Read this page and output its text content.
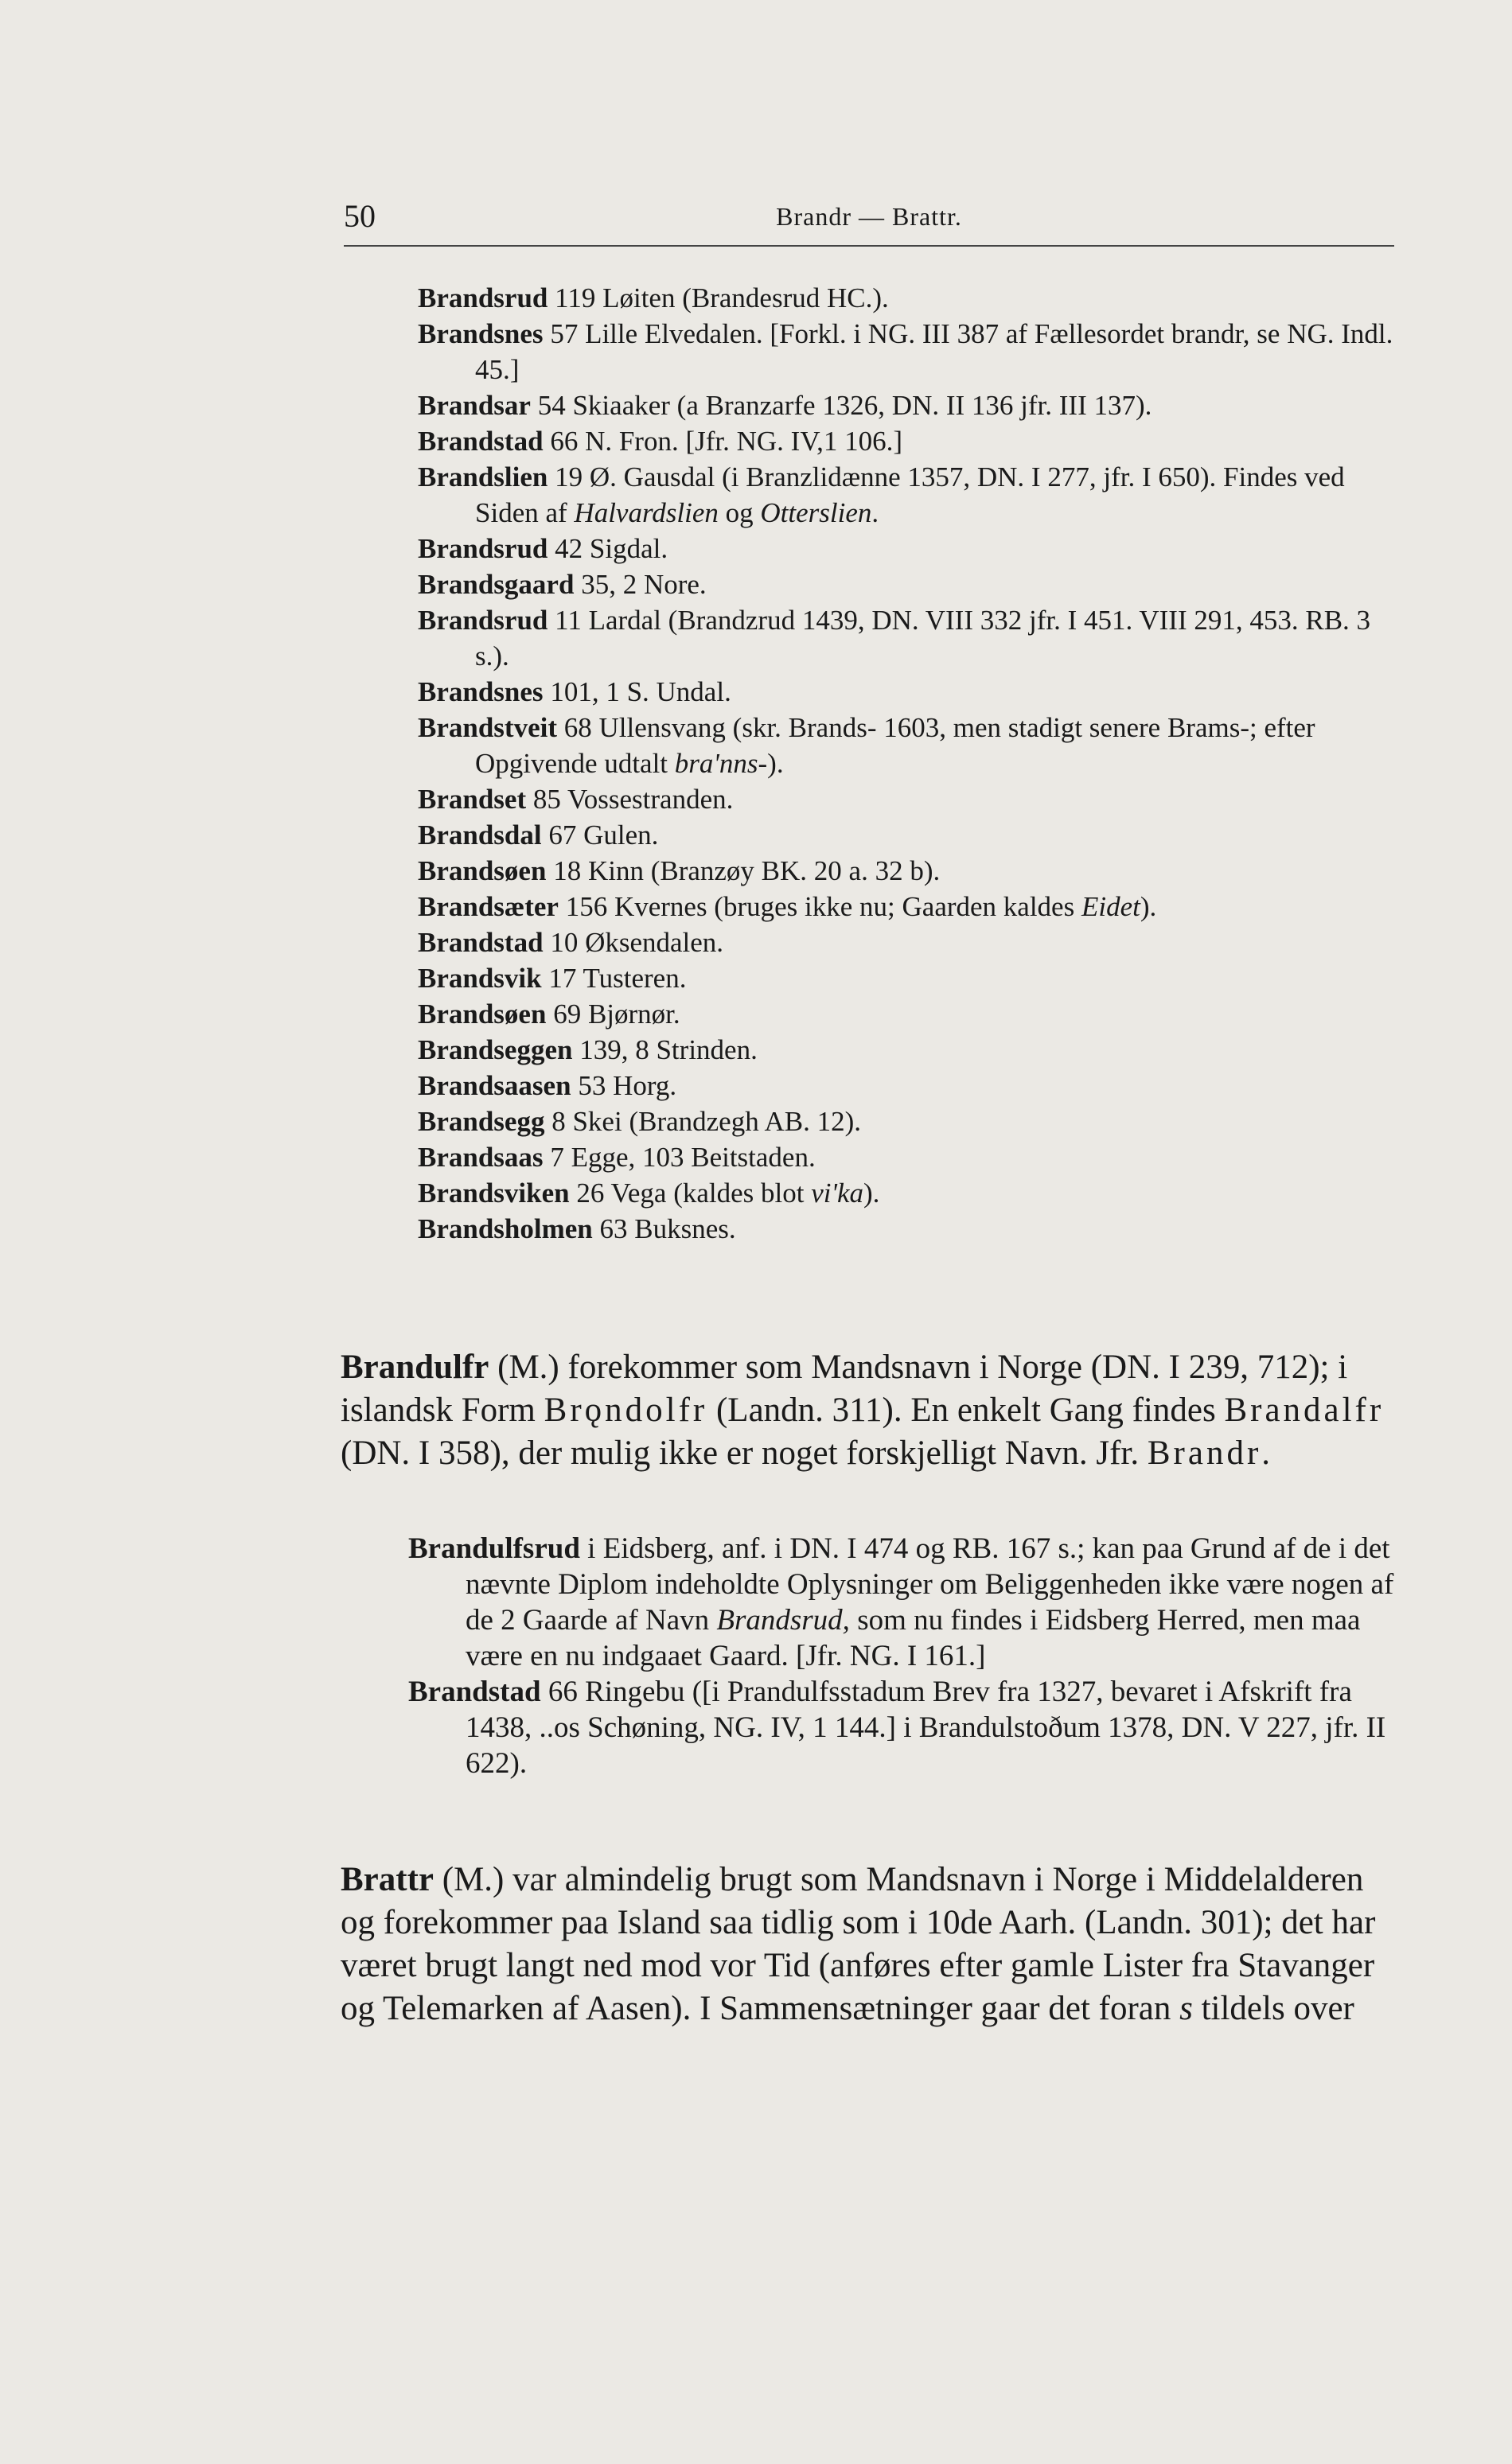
50	Brandr — Brattr.

Brandsrud 119 Løiten (Brandesrud HC.).

Brandsnes 57 Lille Elvedalen. [Forkl. i NG. III 387 af Fællesordet brandr, se NG. Indl. 45.]

Brandsar 54 Skiaaker (a Branzarfe 1326, DN. II 136 jfr. III 137).

Brandstad 66 N. Fron. [Jfr. NG. IV,1 106.]

Brandslien 19 Ø. Gausdal (i Branzlidænne 1357, DN. I 277, jfr. I 650). Findes ved Siden af Halvardslien og Otterslien.

Brandsrud 42 Sigdal.

Brandsgaard 35, 2 Nore.

Brandsrud 11 Lardal (Brandzrud 1439, DN. VIII 332 jfr. I 451. VIII 291, 453. RB. 3 s.).

Brandsnes 101, 1 S. Undal.

Brandstveit 68 Ullensvang (skr. Brands- 1603, men stadigt senere Brams-; efter Opgivende udtalt bra'nns-).

Brandset 85 Vossestranden.

Brandsdal 67 Gulen.

Brandsøen 18 Kinn (Branzøy BK. 20 a. 32 b).

Brandsæter 156 Kvernes (bruges ikke nu; Gaarden kaldes Eidet).

Brandstad 10 Øksendalen.

Brandsvik 17 Tusteren.

Brandsøen 69 Bjørnør.

Brandseggen 139, 8 Strinden.

Brandsaasen 53 Horg.

Brandsegg 8 Skei (Brandzegh AB. 12).

Brandsaas 7 Egge, 103 Beitstaden.

Brandsviken 26 Vega (kaldes blot vi'ka).

Brandsholmen 63 Buksnes.

Brandulfr (M.) forekommer som Mandsnavn i Norge (DN. I 239, 712); i islandsk Form Brǫndolfr (Landn. 311). En enkelt Gang findes Brandalfr (DN. I 358), der mulig ikke er noget forskjelligt Navn. Jfr. Brandr.

Brandulfsrud i Eidsberg, anf. i DN. I 474 og RB. 167 s.; kan paa Grund af de i det nævnte Diplom indeholdte Oplysninger om Beliggenheden ikke være nogen af de 2 Gaarde af Navn Brandsrud, som nu findes i Eidsberg Herred, men maa være en nu indgaaet Gaard. [Jfr. NG. I 161.]

Brandstad 66 Ringebu ([i Prandulfsstadum Brev fra 1327, bevaret i Afskrift fra 1438, ..os Schøning, NG. IV, 1 144.] i Brandulstoðum 1378, DN. V 227, jfr. II 622).

Brattr (M.) var almindelig brugt som Mandsnavn i Norge i Middelalderen og forekommer paa Island saa tidlig som i 10de Aarh. (Landn. 301); det har været brugt langt ned mod vor Tid (anføres efter gamle Lister fra Stavanger og Telemarken af Aasen). I Sammensætninger gaar det foran s tildels over
